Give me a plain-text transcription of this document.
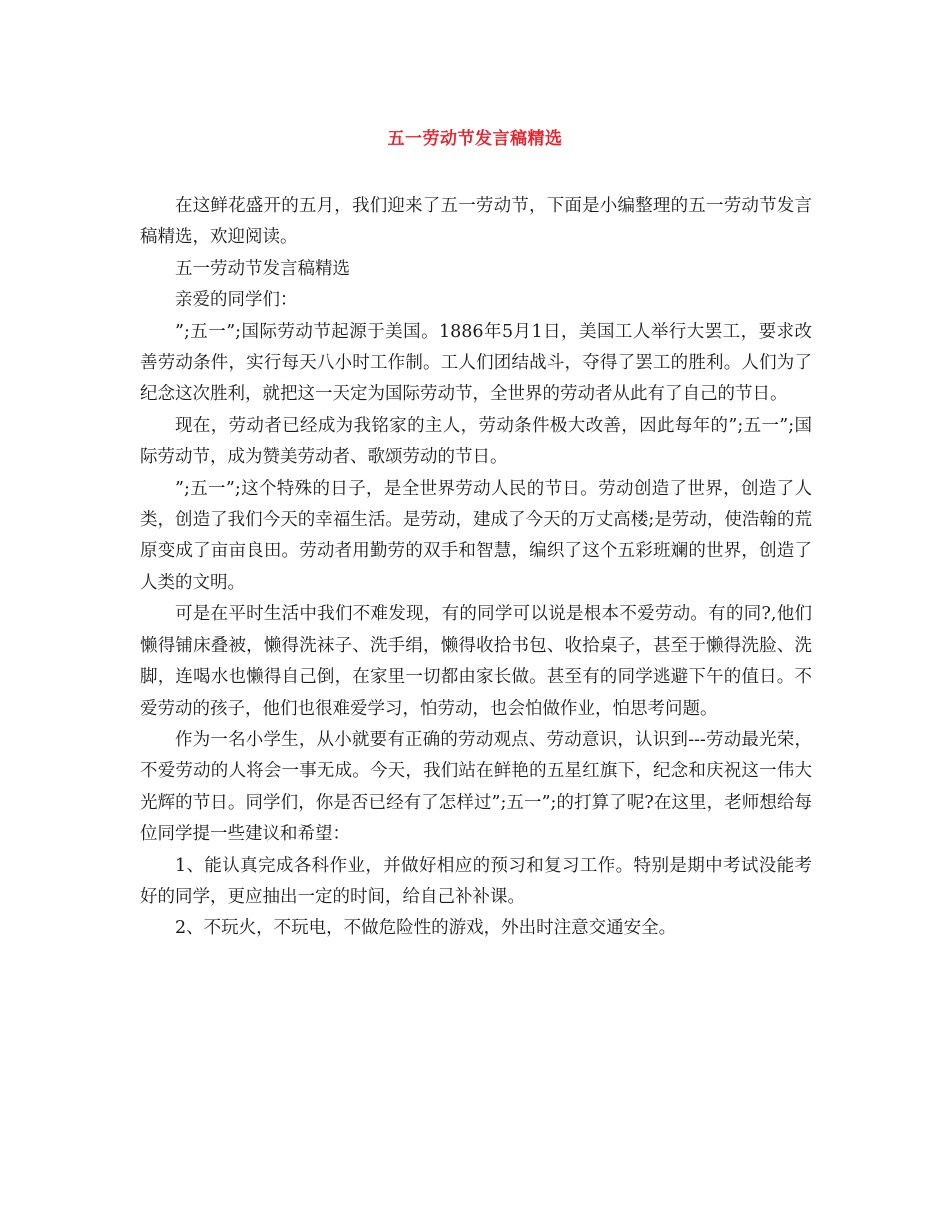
五一劳动节发言稿精选

在这鲜花盛开的五月，我们迎来了五一劳动节，下面是小编整理的五一劳动节发言稿精选，欢迎阅读。

五一劳动节发言稿精选

亲爱的同学们：

”;五一”;国际劳动节起源于美国。1886年5月1日，美国工人举行大罢工，要求改善劳动条件，实行每天八小时工作制。工人们团结战斗，夺得了罢工的胜利。人们为了纪念这次胜利，就把这一天定为国际劳动节，全世界的劳动者从此有了自己的节日。

现在，劳动者已经成为我铭家的主人，劳动条件极大改善，因此每年的”;五一”;国际劳动节，成为赞美劳动者、歌颂劳动的节日。

”;五一”;这个特殊的日子，是全世界劳动人民的节日。劳动创造了世界，创造了人类，创造了我们今天的幸福生活。是劳动，建成了今天的万丈高楼;是劳动，使浩翰的荒原变成了亩亩良田。劳动者用勤劳的双手和智慧，编织了这个五彩班斓的世界，创造了人类的文明。

可是在平时生活中我们不难发现，有的同学可以说是根本不爱劳动。有的同?,他们懒得铺床叠被，懒得洗袜子、洗手绢，懒得收拾书包、收拾桌子，甚至于懒得洗脸、洗脚，连喝水也懒得自己倒，在家里一切都由家长做。甚至有的同学逃避下午的值日。不爱劳动的孩子，他们也很难爱学习，怕劳动，也会怕做作业，怕思考问题。

作为一名小学生，从小就要有正确的劳动观点、劳动意识，认识到---劳动最光荣，不爱劳动的人将会一事无成。今天，我们站在鲜艳的五星红旗下，纪念和庆祝这一伟大光辉的节日。同学们，你是否已经有了怎样过”;五一”;的打算了呢?在这里，老师想给每位同学提一些建议和希望：

1、能认真完成各科作业，并做好相应的预习和复习工作。特别是期中考试没能考好的同学，更应抽出一定的时间，给自己补补课。

2、不玩火，不玩电，不做危险性的游戏，外出时注意交通安全。
